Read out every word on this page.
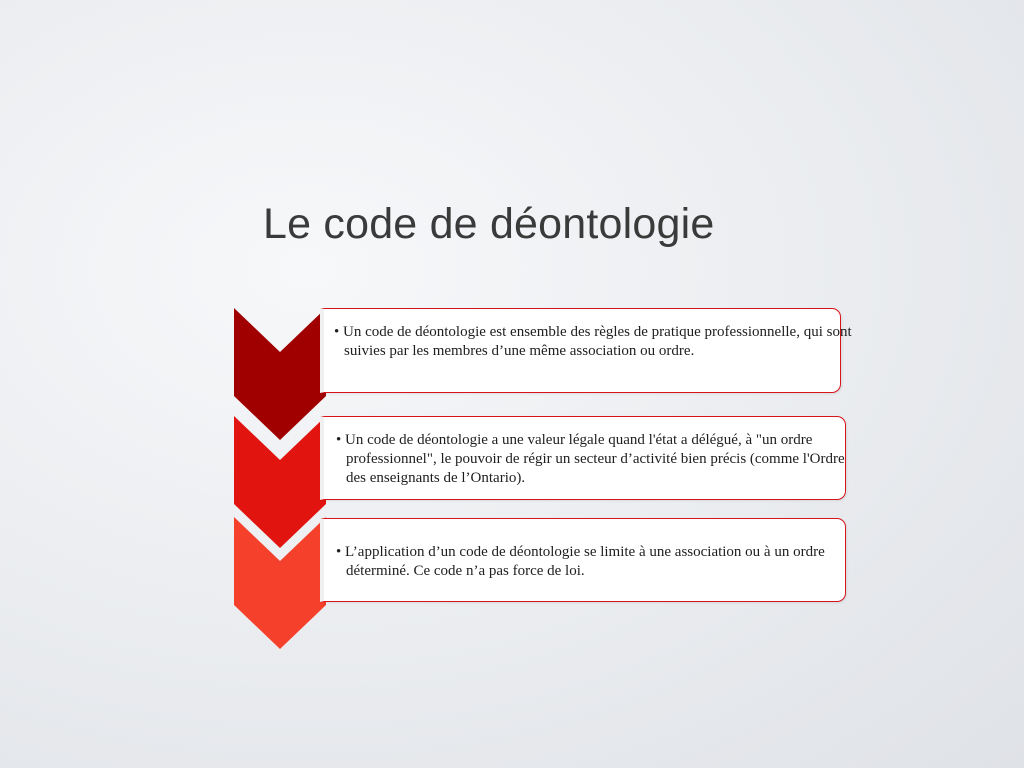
Le code de déontologie

• Un code de déontologie est ensemble des règles de pratique professionnelle, qui sont suivies par les membres d’une même association ou ordre.

• Un code de déontologie a une valeur légale quand l'état a délégué, à "un ordre professionnel", le pouvoir de régir un secteur d’activité bien précis (comme l'Ordre des enseignants de l’Ontario).

• L’application d’un code de déontologie se limite à une association ou à un ordre déterminé. Ce code n’a pas force de loi.
